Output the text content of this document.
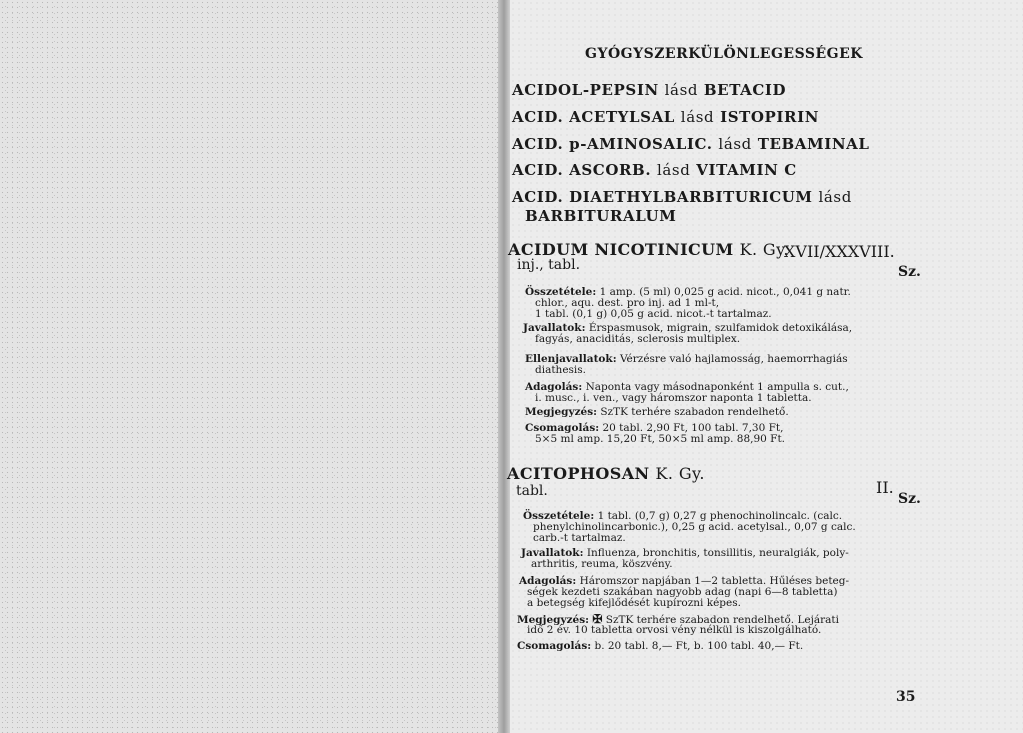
GYÓGYSZERKÜLÖNLEGESSÉGEK
ACIDOL-PEPSIN lásd BETACID
ACID. ACETYLSAL lásd ISTOPIRIN
ACID. p-AMINOSALIC. lásd TEBAMINAL
ACID. ASCORB. lásd VITAMIN C
ACID. DIAETHYLBARBITURICUM lásd
BARBITURALUM
ACIDUM NICOTINICUM K. Gy.
XVII/XXXVIII.
inj., tabl.	Sz.
Összetétele: 1 amp. (5 ml) 0,025 g acid. nicot., 0,041 g natr.
chlor., aqu. dest. pro inj. ad 1 ml-t,
1 tabl. (0,1 g) 0,05 g acid. nicot.-t tartalmaz.
Javallatok: Érspasmusok, migrain, szulfamidok detoxikálása,
fagyás, anaciditás, sclerosis multiplex.
Ellenjavallatok: Vérzésre való hajlamosság, haemorrhagiás
diathesis.
Adagolás: Naponta vagy másodnaponként 1 ampulla s. cut.,
i. musc., i. ven., vagy háromszor naponta 1 tabletta.
Megjegyzés: SzTK terhére szabadon rendelhető.
Csomagolás: 20 tabl. 2,90 Ft, 100 tabl. 7,30 Ft,
5×5 ml amp. 15,20 Ft, 50×5 ml amp. 88,90 Ft.
ACITOPHOSAN K. Gy.
II.
tabl.	Sz.
Összetétele: 1 tabl. (0,7 g) 0,27 g phenochinolincalc. (calc.
phenylchinolincarbonic.), 0,25 g acid. acetylsal., 0,07 g calc.
carb.-t tartalmaz.
Javallatok: Influenza, bronchitis, tonsillitis, neuralgiák, poly-
arthritis, reuma, köszvény.
Adagolás: Háromszor napjában 1—2 tabletta. Hűléses beteg-
ségek kezdeti szakában nagyobb adag (napi 6—8 tabletta)
a betegség kifejlődését kupírozni képes.
Megjegyzés: ✠ SzTK terhére szabadon rendelhető. Lejárati
idő 2 év. 10 tabletta orvosi vény nélkül is kiszolgálható.
Csomagolás: b. 20 tabl. 8,— Ft, b. 100 tabl. 40,— Ft.
35
